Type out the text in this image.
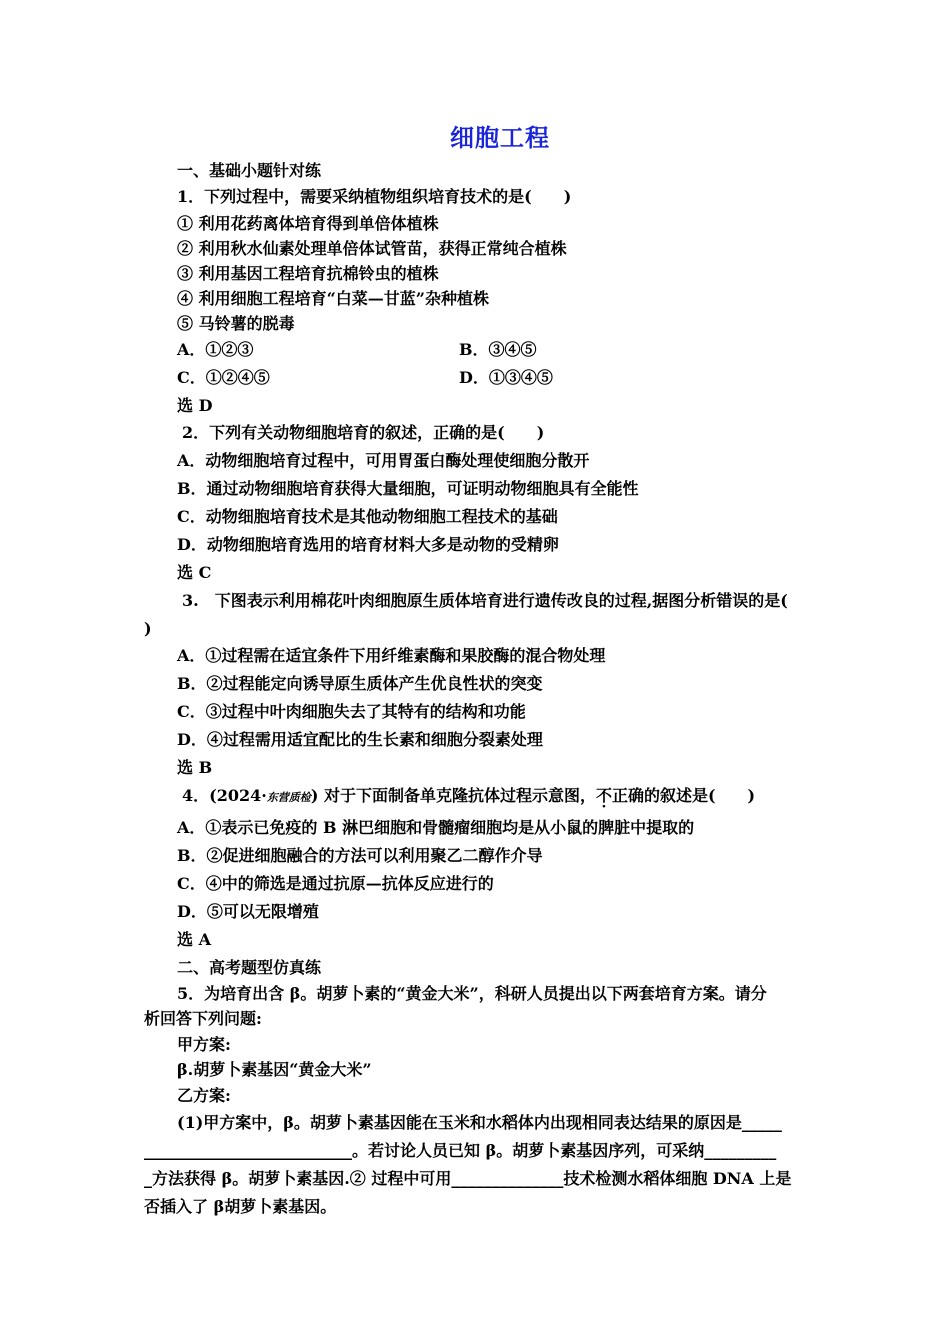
细胞工程
一、基础小题针对练
1．下列过程中，需要采纳植物组织培育技术的是(　　)
① 利用花药离体培育得到单倍体植株
② 利用秋水仙素处理单倍体试管苗，获得正常纯合植株
③ 利用基因工程培育抗棉铃虫的植株
④ 利用细胞工程培育“白菜—甘蓝”杂种植株
⑤ 马铃薯的脱毒
A．①②③	B．③④⑤
C．①②④⑤	D．①③④⑤
选 D
2．下列有关动物细胞培育的叙述，正确的是(　　)
A．动物细胞培育过程中，可用胃蛋白酶处理使细胞分散开
B．通过动物细胞培育获得大量细胞，可证明动物细胞具有全能性
C．动物细胞培育技术是其他动物细胞工程技术的基础
D．动物细胞培育选用的培育材料大多是动物的受精卵
选 C
3.　下图表示利用棉花叶肉细胞原生质体培育进行遗传改良的过程,据图分析错误的是(
)
A．①过程需在适宜条件下用纤维素酶和果胶酶的混合物处理
B．②过程能定向诱导原生质体产生优良性状的突变
C．③过程中叶肉细胞失去了其特有的结构和功能
D．④过程需用适宜配比的生长素和细胞分裂素处理
选 B
4．(2024·东营质检) 对于下面制备单克隆抗体过程示意图，不正确的叙述是(　　)
A．①表示已免疫的 B 淋巴细胞和骨髓瘤细胞均是从小鼠的脾脏中提取的
B．②促进细胞融合的方法可以利用聚乙二醇作介导
C．④中的筛选是通过抗原—抗体反应进行的
D．⑤可以无限增殖
选 A
二、高考题型仿真练
5．为培育出含 β。胡萝卜素的“黄金大米”，科研人员提出以下两套培育方案。请分
析回答下列问题:
甲方案:
β.胡萝卜素基因“黄金大米”
乙方案:
(1)甲方案中，β。胡萝卜素基因能在玉米和水稻体内出现相同表达结果的原因是_____
__________________________。若讨论人员已知 β。胡萝卜素基因序列，可采纳_________
_方法获得 β。胡萝卜素基因.② 过程中可用______________技术检测水稻体细胞 DNA 上是
否插入了 β胡萝卜素基因。
